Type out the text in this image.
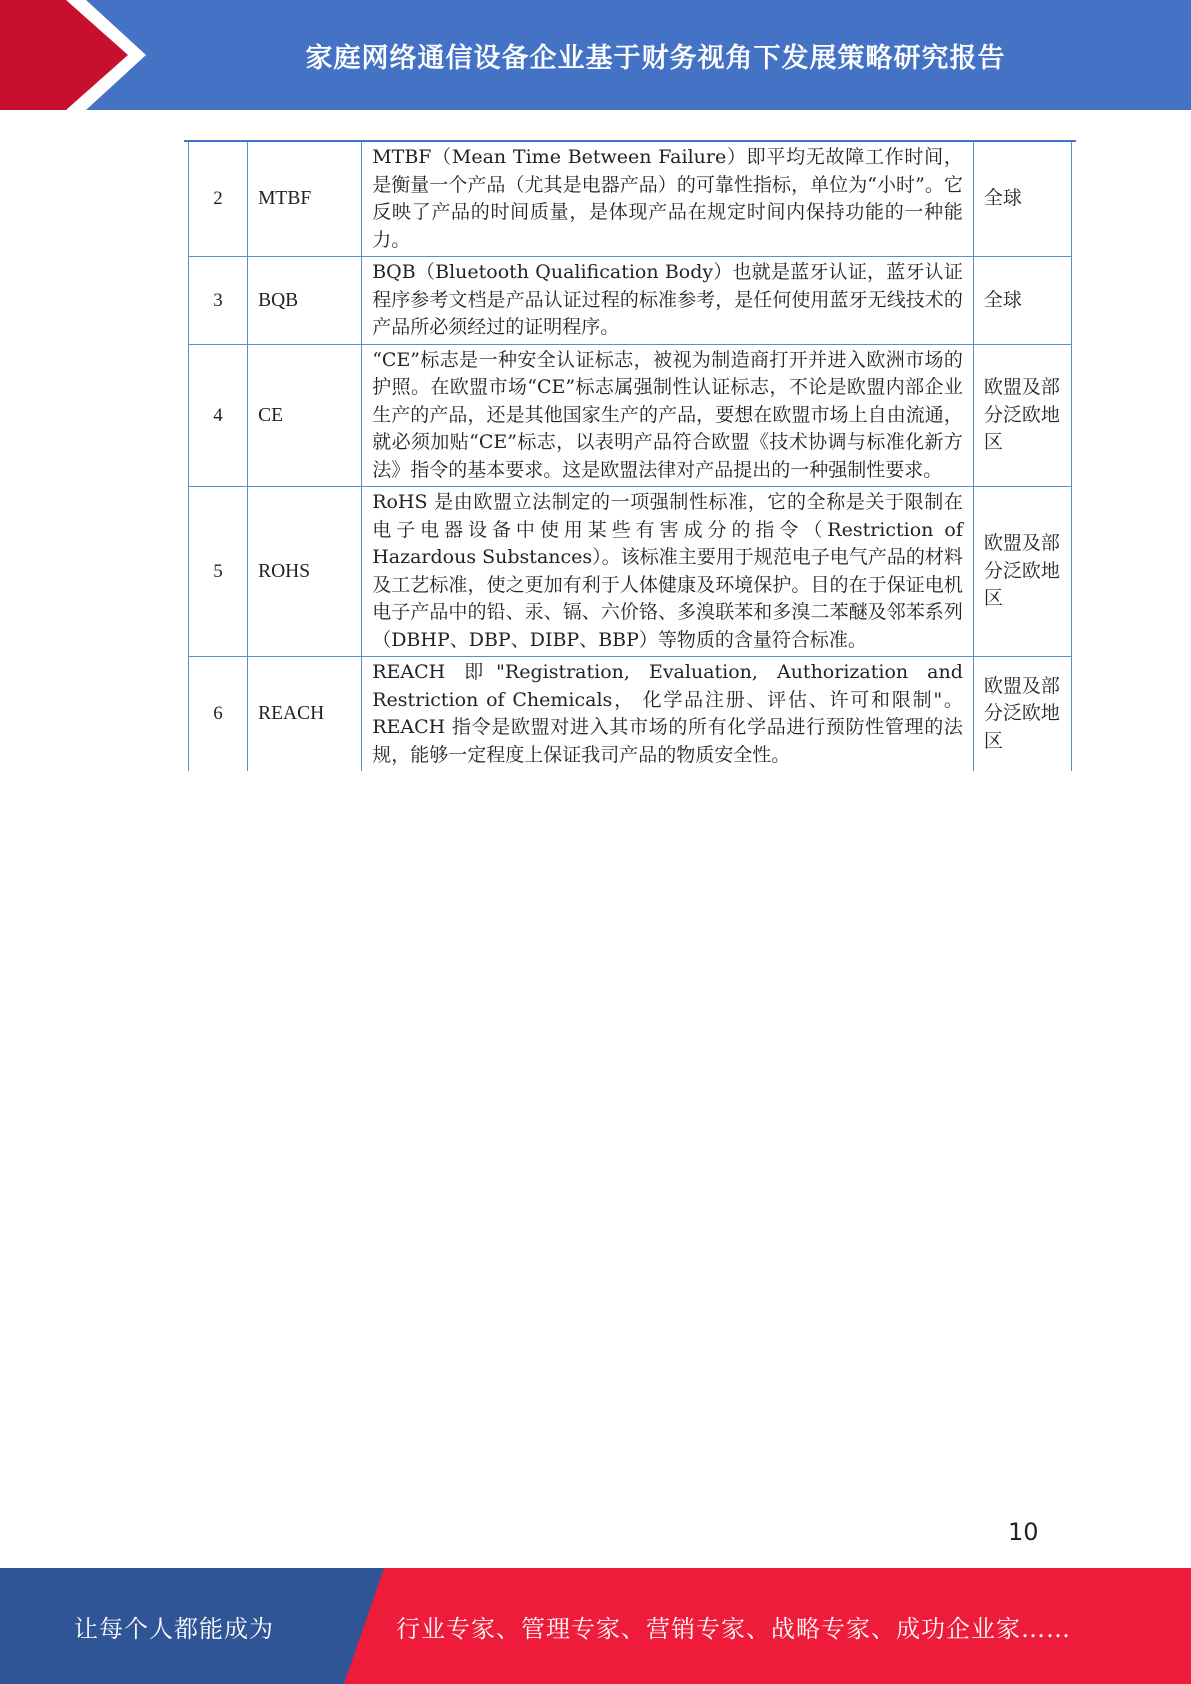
家庭网络通信设备企业基于财务视角下发展策略研究报告
2	MTBF	MTBF（Mean Time Between Failure）即平均无故障工作时间，是衡量一个产品（尤其是电器产品）的可靠性指标，单位为“小时”。它反映了产品的时间质量，是体现产品在规定时间内保持功能的一种能力。	全球
3	BQB	BQB（Bluetooth Qualification Body）也就是蓝牙认证，蓝牙认证程序参考文档是产品认证过程的标准参考，是任何使用蓝牙无线技术的产品所必须经过的证明程序。	全球
4	CE	“CE”标志是一种安全认证标志，被视为制造商打开并进入欧洲市场的护照。在欧盟市场“CE”标志属强制性认证标志，不论是欧盟内部企业生产的产品，还是其他国家生产的产品，要想在欧盟市场上自由流通，就必须加贴“CE”标志，以表明产品符合欧盟《技术协调与标准化新方法》指令的基本要求。这是欧盟法律对产品提出的一种强制性要求。	欧盟及部分泛欧地区
5	ROHS	RoHS 是由欧盟立法制定的一项强制性标准，它的全称是关于限制在电子电器设备中使用某些有害成分的指令（Restriction of Hazardous Substances）。该标准主要用于规范电子电气产品的材料及工艺标准，使之更加有利于人体健康及环境保护。目的在于保证电机电子产品中的铅、汞、镉、六价铬、多溴联苯和多溴二苯醚及邻苯系列（DBHP、DBP、DIBP、BBP）等物质的含量符合标准。	欧盟及部分泛欧地区
6	REACH	REACH 即"Registration, Evaluation, Authorization and Restriction of Chemicals， 化学品注册、评估、许可和限制"。REACH 指令是欧盟对进入其市场的所有化学品进行预防性管理的法规，能够一定程度上保证我司产品的物质安全性。	欧盟及部分泛欧地区
10
让每个人都能成为	行业专家、管理专家、营销专家、战略专家、成功企业家……
